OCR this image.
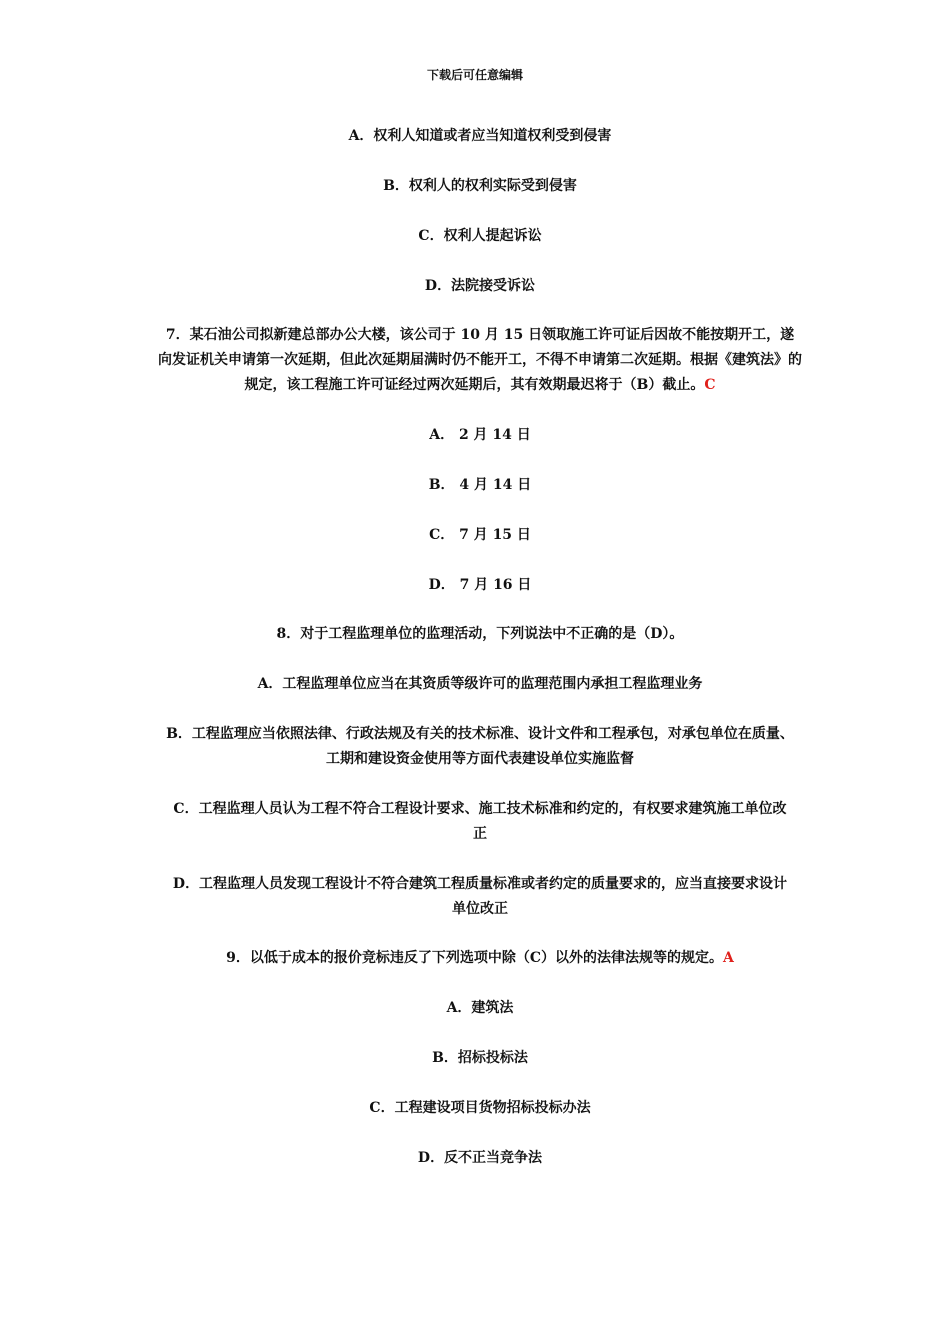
下载后可任意编辑
A．权利人知道或者应当知道权利受到侵害
B．权利人的权利实际受到侵害
C．权利人提起诉讼
D．法院接受诉讼
7．某石油公司拟新建总部办公大楼，该公司于 10 月 15 日领取施工许可证后因故不能按期开工，遂
向发证机关申请第一次延期，但此次延期届满时仍不能开工，不得不申请第二次延期。根据《建筑法》的
规定，该工程施工许可证经过两次延期后，其有效期最迟将于（B）截止。C
A． 2 月 14 日
B． 4 月 14 日
C． 7 月 15 日
D． 7 月 16 日
8．对于工程监理单位的监理活动，下列说法中不正确的是（D）。
A．工程监理单位应当在其资质等级许可的监理范围内承担工程监理业务
B．工程监理应当依照法律、行政法规及有关的技术标准、设计文件和工程承包，对承包单位在质量、
工期和建设资金使用等方面代表建设单位实施监督
C．工程监理人员认为工程不符合工程设计要求、施工技术标准和约定的，有权要求建筑施工单位改
正
D．工程监理人员发现工程设计不符合建筑工程质量标准或者约定的质量要求的，应当直接要求设计
单位改正
9．以低于成本的报价竞标违反了下列选项中除（C）以外的法律法规等的规定。A
A．建筑法
B．招标投标法
C．工程建设项目货物招标投标办法
D．反不正当竞争法
